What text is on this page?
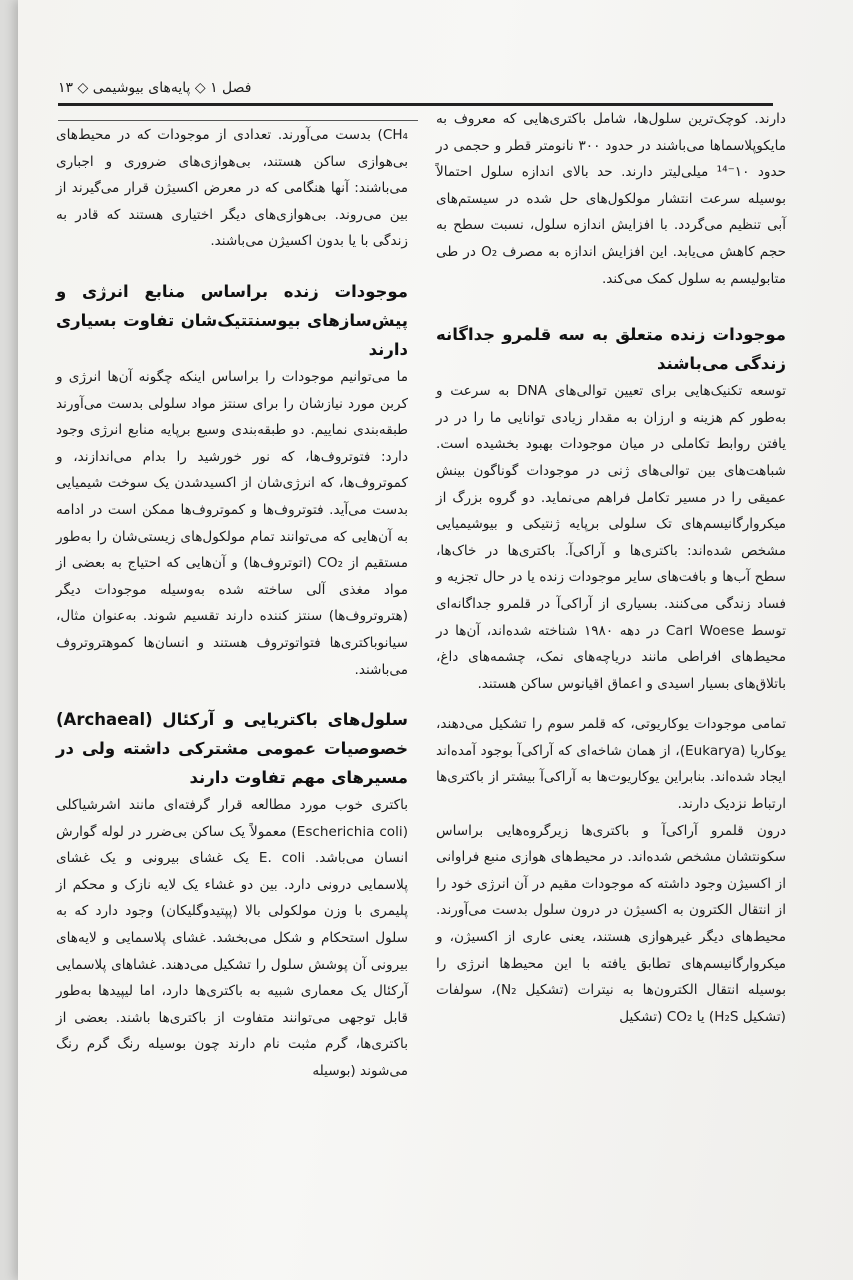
فصل ۱ ◇ پایه‌های بیوشیمی ◇ ۱۳

دارند. کوچک‌ترین سلول‌ها، شامل باکتری‌هایی که معروف به مایکوپلاسماها می‌باشند در حدود ۳۰۰ نانومتر قطر و حجمی در حدود ۱۰⁻¹⁴ میلی‌لیتر دارند. حد بالای اندازه سلول احتمالاً بوسیله سرعت انتشار مولکول‌های حل شده در سیستم‌های آبی تنظیم می‌گردد. با افزایش اندازه سلول، نسبت سطح به حجم کاهش می‌یابد. این افزایش اندازه به مصرف O₂ در طی متابولیسم به سلول کمک می‌کند.

موجودات زنده متعلق به سه قلمرو جداگانه زندگی می‌باشند

توسعه تکنیک‌هایی برای تعیین توالی‌های DNA به سرعت و به‌طور کم هزینه و ارزان به مقدار زیادی توانایی ما را در در یافتن روابط تکاملی در میان موجودات بهبود بخشیده است. شباهت‌های بین توالی‌های ژنی در موجودات گوناگون بینش عمیقی را در مسیر تکامل فراهم می‌نماید. دو گروه بزرگ از میکروارگانیسم‌های تک سلولی برپایه ژنتیکی و بیوشیمیایی مشخص شده‌اند: باکتری‌ها و آراکی‌آ. باکتری‌ها در خاک‌ها، سطح آب‌ها و بافت‌های سایر موجودات زنده یا در حال تجزیه و فساد زندگی می‌کنند. بسیاری از آراکی‌آ در قلمرو جداگانه‌ای توسط Carl Woese در دهه ۱۹۸۰ شناخته شده‌اند، آن‌ها در محیط‌های افراطی مانند دریاچه‌های نمک، چشمه‌های داغ، باتلاق‌های بسیار اسیدی و اعماق اقیانوس ساکن هستند.

تمامی موجودات یوکاریوتی، که قلمر سوم را تشکیل می‌دهند، یوکاریا (Eukarya)، از همان شاخه‌ای که آراکی‌آ بوجود آمده‌اند ایجاد شده‌اند. بنابراین یوکاریوت‌ها به آراکی‌آ بیشتر از باکتری‌ها ارتباط نزدیک دارند.

درون قلمرو آراکی‌آ و باکتری‌ها زیرگروه‌هایی براساس سکونتشان مشخص شده‌اند. در محیط‌های هوازی منبع فراوانی از اکسیژن وجود داشته که موجودات مقیم در آن انرژی خود را از انتقال الکترون به اکسیژن در درون سلول بدست می‌آورند. محیط‌های دیگر غیرهوازی هستند، یعنی عاری از اکسیژن، و میکروارگانیسم‌های تطابق یافته با این محیط‌ها انرژی را بوسیله انتقال الکترون‌ها به نیترات (تشکیل N₂)، سولفات (تشکیل H₂S) یا CO₂ (تشکیل

CH₄) بدست می‌آورند. تعدادی از موجودات که در محیط‌های بی‌هوازی ساکن هستند، بی‌هوازی‌های ضروری و اجباری می‌باشند: آنها هنگامی که در معرض اکسیژن قرار می‌گیرند از بین می‌روند. بی‌هوازی‌های دیگر اختیاری هستند که قادر به زندگی با یا بدون اکسیژن می‌باشند.

موجودات زنده براساس منابع انرژی و پیش‌سازهای بیوسنتتیک‌شان تفاوت بسیاری دارند

ما می‌توانیم موجودات را براساس اینکه چگونه آن‌ها انرژی و کربن مورد نیازشان را برای سنتز مواد سلولی بدست می‌آورند طبقه‌بندی نماییم. دو طبقه‌بندی وسیع برپایه منابع انرژی وجود دارد: فتوتروف‌ها، که نور خورشید را بدام می‌اندازند، و کموتروف‌ها، که انرژی‌شان از اکسیدشدن یک سوخت شیمیایی بدست می‌آید. فتوتروف‌ها و کموتروف‌ها ممکن است در ادامه به آن‌هایی که می‌توانند تمام مولکول‌های زیستی‌شان را به‌طور مستقیم از CO₂ (اتوتروف‌ها) و آن‌هایی که احتیاج به بعضی از مواد مغذی آلی ساخته شده به‌وسیله موجودات دیگر (هتروتروف‌ها) سنتز کننده دارند تقسیم شوند. به‌عنوان مثال، سیانوباکتری‌ها فتواتوتروف هستند و انسان‌ها کموهتروتروف می‌باشند.

سلول‌های باکتریایی و آرکئال (Archaeal) خصوصیات عمومی مشترکی داشته ولی در مسیرهای مهم تفاوت دارند

باکتری خوب مورد مطالعه قرار گرفته‌ای مانند اشرشیاکلی (Escherichia coli) معمولاً یک ساکن بی‌ضرر در لوله گوارش انسان می‌باشد. E. coli یک غشای بیرونی و یک غشای پلاسمایی درونی دارد. بین دو غشاء یک لایه نازک و محکم از پلیمری با وزن مولکولی بالا (پپتیدوگلیکان) وجود دارد که به سلول استحکام و شکل می‌بخشد. غشای پلاسمایی و لایه‌های بیرونی آن پوشش سلول را تشکیل می‌دهند. غشاهای پلاسمایی آرکئال یک معماری شبیه به باکتری‌ها دارد، اما لیپیدها به‌طور قابل توجهی می‌توانند متفاوت از باکتری‌ها باشند. بعضی از باکتری‌ها، گرم مثبت نام دارند چون بوسیله رنگ گرم رنگ می‌شوند (بوسیله
